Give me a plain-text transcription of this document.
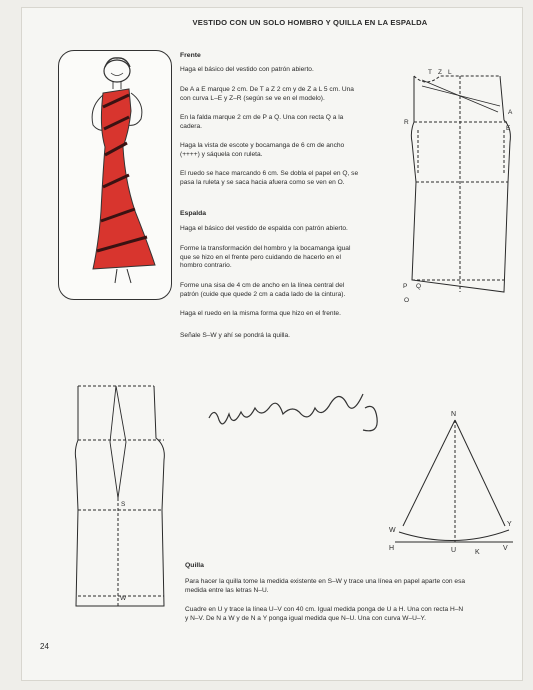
VESTIDO CON UN SOLO HOMBRO Y QUILLA EN LA ESPALDA
Frente
Haga el básico del vestido con patrón abierto.
De A a E marque 2 cm. De T a Z 2 cm y de Z a L 5 cm. Una
con curva L–E y Z–R (según se ve en el modelo).
En la falda marque 2 cm de P a Q. Una con recta Q a la
cadera.
Haga la vista de escote y bocamanga de 6 cm de ancho
(++++) y sáquela con ruleta.
El ruedo se hace marcando 6 cm. Se dobla el papel en Q, se
pasa la ruleta y se saca hacia afuera como se ven en O.
Espalda
Haga el básico del vestido de espalda con patrón abierto.
Forme la transformación del hombro y la bocamanga igual
que se hizo en el frente pero cuidando de hacerlo en el
hombro contrario.
Forme una sisa de 4 cm de ancho en la línea central del
patrón (cuide que quede 2 cm a cada lado de la cintura).
Haga el ruedo en la misma forma que hizo en el frente.
Señale S–W y ahí se pondrá la quilla.
T Z L
R
A
E
P Q
O
S
W
N
W
Y
H	U	K
V
Quilla
Para hacer la quilla tome la medida existente en S–W y trace una línea en papel aparte con esa
medida entre las letras N–U.
Cuadre en U y trace la línea U–V con 40 cm. Igual medida ponga de U a H. Una con recta H–N
y N–V. De N a W y de N a Y ponga igual medida que N–U. Una con curva W–U–Y.
24
